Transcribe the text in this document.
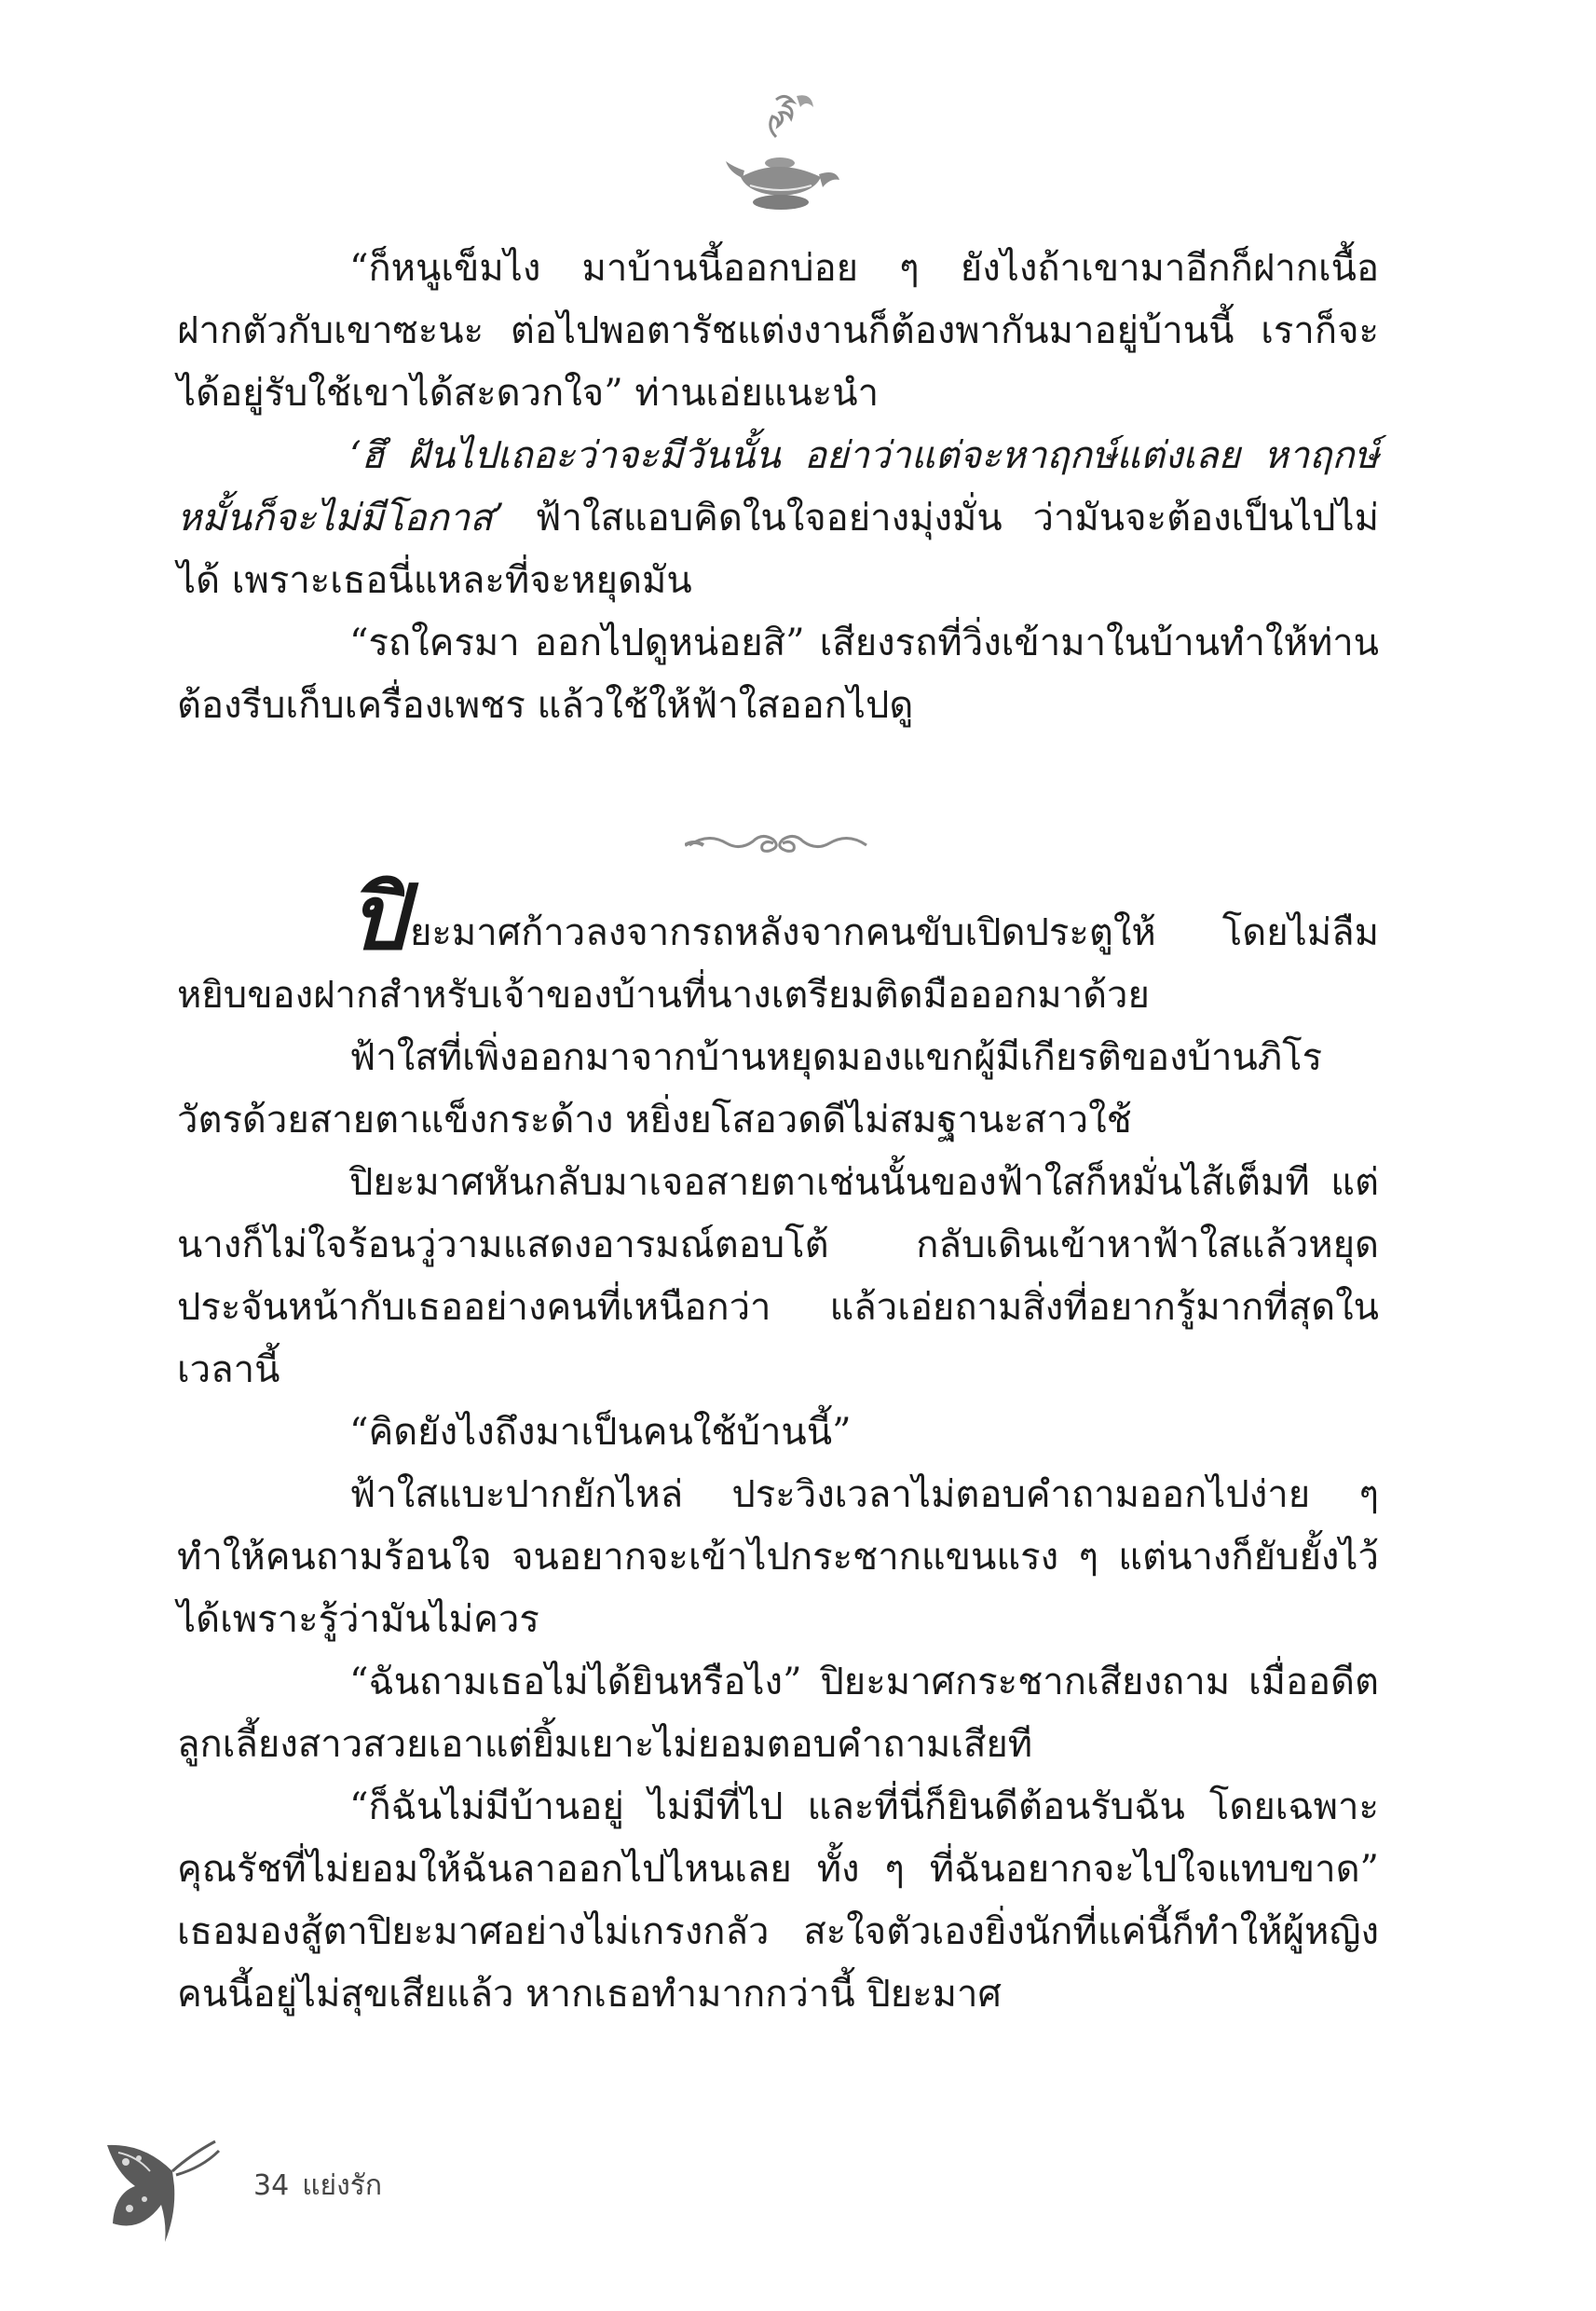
“ก็หนูเข็มไง มาบ้านนี้ออกบ่อย ๆ ยังไงถ้าเขามาอีกก็ฝากเนื้อฝากตัวกับเขาซะนะ ต่อไปพอตารัชแต่งงานก็ต้องพากันมาอยู่บ้านนี้ เราก็จะได้อยู่รับใช้เขาได้สะดวกใจ” ท่านเอ่ยแนะนำ

‘ฮึ ฝันไปเถอะว่าจะมีวันนั้น อย่าว่าแต่จะหาฤกษ์แต่งเลย หาฤกษ์หมั้นก็จะไม่มีโอกาส’ ฟ้าใสแอบคิดในใจอย่างมุ่งมั่น ว่ามันจะต้องเป็นไปไม่ได้ เพราะเธอนี่แหละที่จะหยุดมัน

“รถใครมา ออกไปดูหน่อยสิ” เสียงรถที่วิ่งเข้ามาในบ้านทำให้ท่านต้องรีบเก็บเครื่องเพชร แล้วใช้ให้ฟ้าใสออกไปดู

ปิยะมาศก้าวลงจากรถหลังจากคนขับเปิดประตูให้ โดยไม่ลืมหยิบของฝากสำหรับเจ้าของบ้านที่นางเตรียมติดมือออกมาด้วย

ฟ้าใสที่เพิ่งออกมาจากบ้านหยุดมองแขกผู้มีเกียรติของบ้านภิโรวัตรด้วยสายตาแข็งกระด้าง หยิ่งยโสอวดดีไม่สมฐานะสาวใช้

ปิยะมาศหันกลับมาเจอสายตาเช่นนั้นของฟ้าใสก็หมั่นไส้เต็มที แต่นางก็ไม่ใจร้อนวู่วามแสดงอารมณ์ตอบโต้ กลับเดินเข้าหาฟ้าใสแล้วหยุดประจันหน้ากับเธออย่างคนที่เหนือกว่า แล้วเอ่ยถามสิ่งที่อยากรู้มากที่สุดในเวลานี้

“คิดยังไงถึงมาเป็นคนใช้บ้านนี้”

ฟ้าใสแบะปากยักไหล่ ประวิงเวลาไม่ตอบคำถามออกไปง่าย ๆ ทำให้คนถามร้อนใจ จนอยากจะเข้าไปกระชากแขนแรง ๆ แต่นางก็ยับยั้งไว้ได้เพราะรู้ว่ามันไม่ควร

“ฉันถามเธอไม่ได้ยินหรือไง” ปิยะมาศกระชากเสียงถาม เมื่ออดีตลูกเลี้ยงสาวสวยเอาแต่ยิ้มเยาะไม่ยอมตอบคำถามเสียที

“ก็ฉันไม่มีบ้านอยู่ ไม่มีที่ไป และที่นี่ก็ยินดีต้อนรับฉัน โดยเฉพาะคุณรัชที่ไม่ยอมให้ฉันลาออกไปไหนเลย ทั้ง ๆ ที่ฉันอยากจะไปใจแทบขาด” เธอมองสู้ตาปิยะมาศอย่างไม่เกรงกลัว สะใจตัวเองยิ่งนักที่แค่นี้ก็ทำให้ผู้หญิงคนนี้อยู่ไม่สุขเสียแล้ว หากเธอทำมากกว่านี้ ปิยะมาศ

34 แย่งรัก
